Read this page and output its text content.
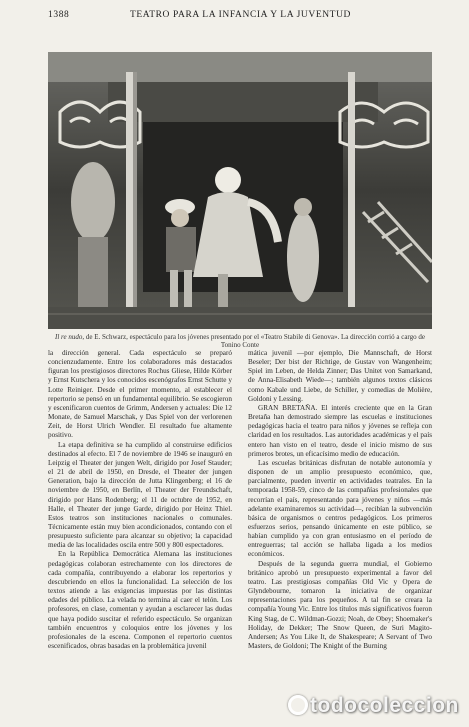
1388	TEATRO PARA LA INFANCIA Y LA JUVENTUD
Il re nudo, de E. Schwarz, espectáculo para los jóvenes presentado por el «Teatro Stabile di Genova». La dirección corrió a cargo de Tonino Conte

la dirección general. Cada espectáculo se preparó concienzudamente. Entre los colaboradores más destacados figuran los prestigiosos directores Rochus Gliese, Hilde Körber y Ernst Kutschera y los conocidos escenógrafos Ernst Schutte y Lotte Reiniger. Desde el primer momento, al establecer el repertorio se pensó en un fundamental equilibrio. Se escogieron y escenificaron cuentos de Grimm, Andersen y actuales: Die 12 Monate, de Samuel Marschak, y Das Spiel von der verlorenen Zeit, de Horst Ulrich Wendler. El resultado fue altamente positivo.

La etapa definitiva se ha cumplido al construirse edificios destinados al efecto. El 7 de noviembre de 1946 se inauguró en Leipzig el Theater der jungen Welt, dirigido por Josef Stauder; el 21 de abril de 1950, en Dresde, el Theater der jungen Generation, bajo la dirección de Jutta Klingenberg; el 16 de noviembre de 1950, en Berlín, el Theater der Freundschaft, dirigido por Hans Rodenberg; el 11 de octubre de 1952, en Halle, el Theater der junge Garde, dirigido por Heinz Thiel. Estos teatros son instituciones nacionales o comunales. Técnicamente están muy bien acondicionados, contando con el presupuesto suficiente para alcanzar su objetivo; la capacidad media de las localidades oscila entre 500 y 800 espectadores.

En la República Democrática Alemana las instituciones pedagógicas colaboran estrechamente con los directores de cada compañía, contribuyendo a elaborar los repertorios y descubriendo en ellos la funcionalidad. La selección de los textos atiende a las exigencias impuestas por las distintas edades del público. La velada no termina al caer el telón. Los profesores, en clase, comentan y ayudan a esclarecer las dudas que haya podido suscitar el referido espectáculo. Se organizan también encuentros y coloquios entre los jóvenes y los profesionales de la escena. Componen el repertorio cuentos escenificados, obras basadas en la problemática juvenil

mática juvenil —por ejemplo, Die Mannschaft, de Horst Beseler; Der bist der Richtige, de Gustav von Wangenheim; Spiel im Leben, de Helda Zinner; Das Unitet von Samarkand, de Anna-Elisabeth Wiede—; también algunos textos clásicos como Kabale und Liebe, de Schiller, y comedias de Molière, Goldoni y Lessing.

GRAN BRETAÑA. El interés creciente que en la Gran Bretaña han demostrado siempre las escuelas e instituciones pedagógicas hacia el teatro para niños y jóvenes se refleja con claridad en los resultados. Las autoridades académicas y el país entero han visto en el teatro, desde el inicio mismo de sus primeros brotes, un eficacísimo medio de educación.

Las escuelas británicas disfrutan de notable autonomía y disponen de un amplio presupuesto económico, que, parcialmente, pueden invertir en actividades teatrales. En la temporada 1958-59, cinco de las compañías profesionales que recorrían el país, representando para jóvenes y niños —más adelante examinaremos su actividad—, recibían la subvención básica de organismos o centros pedagógicos. Los primeros esfuerzos serios, pensando únicamente en este público, se habían cumplido ya con gran entusiasmo en el período de entreguerras; tal acción se hallaba ligada a los medios económicos.

Después de la segunda guerra mundial, el Gobierno británico aprobó un presupuesto experimental a favor del teatro. Las prestigiosas compañías Old Vic y Opera de Glyndebourne, tomaron la iniciativa de organizar representaciones para los pequeños. A tal fin se creara la compañía Young Vic. Entre los títulos más significativos fueron King Stag, de C. Wildman-Gozzi; Noah, de Obey; Shoemaker's Holiday, de Dekker; The Snow Queen, de Suri Magito-Andersen; As You Like It, de Shakespeare; A Servant of Two Masters, de Goldoni; The Knight of the Burning

todocoleccion
